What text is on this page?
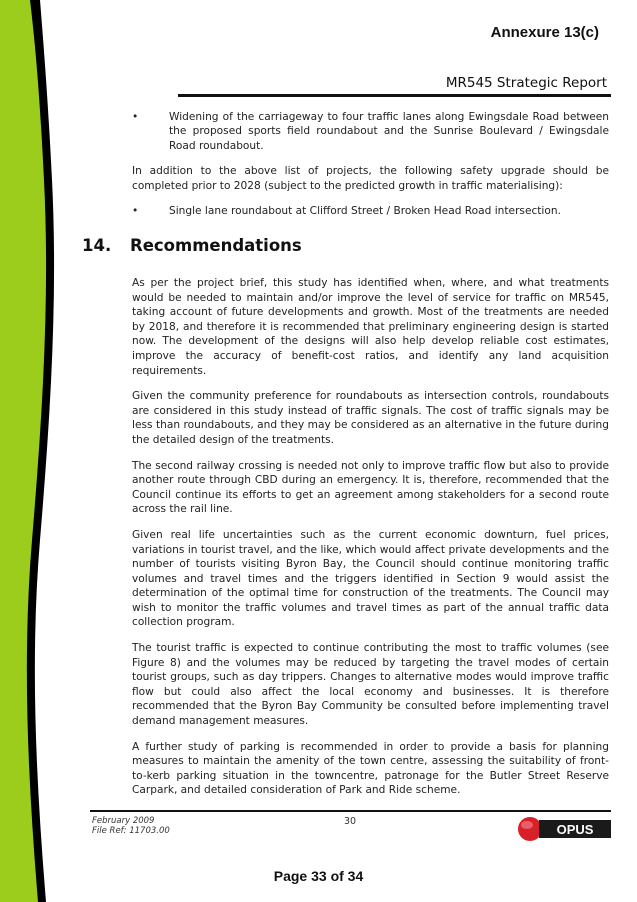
Annexure 13(c)
MR545 Strategic Report
•	Widening of the carriageway to four traffic lanes along Ewingsdale Road between the proposed sports field roundabout and the Sunrise Boulevard / Ewingsdale Road roundabout.

In addition to the above list of projects, the following safety upgrade should be completed prior to 2028 (subject to the predicted growth in traffic materialising):

•	Single lane roundabout at Clifford Street / Broken Head Road intersection.
14. Recommendations

As per the project brief, this study has identified when, where, and what treatments would be needed to maintain and/or improve the level of service for traffic on MR545, taking account of future developments and growth. Most of the treatments are needed by 2018, and therefore it is recommended that preliminary engineering design is started now. The development of the designs will also help develop reliable cost estimates, improve the accuracy of benefit-cost ratios, and identify any land acquisition requirements.

Given the community preference for roundabouts as intersection controls, roundabouts are considered in this study instead of traffic signals. The cost of traffic signals may be less than roundabouts, and they may be considered as an alternative in the future during the detailed design of the treatments.

The second railway crossing is needed not only to improve traffic flow but also to provide another route through CBD during an emergency. It is, therefore, recommended that the Council continue its efforts to get an agreement among stakeholders for a second route across the rail line.

Given real life uncertainties such as the current economic downturn, fuel prices, variations in tourist travel, and the like, which would affect private developments and the number of tourists visiting Byron Bay, the Council should continue monitoring traffic volumes and travel times and the triggers identified in Section 9 would assist the determination of the optimal time for construction of the treatments. The Council may wish to monitor the traffic volumes and travel times as part of the annual traffic data collection program.

The tourist traffic is expected to continue contributing the most to traffic volumes (see Figure 8) and the volumes may be reduced by targeting the travel modes of certain tourist groups, such as day trippers. Changes to alternative modes would improve traffic flow but could also affect the local economy and businesses. It is therefore recommended that the Byron Bay Community be consulted before implementing travel demand management measures.

A further study of parking is recommended in order to provide a basis for planning measures to maintain the amenity of the town centre, assessing the suitability of front-to-kerb parking situation in the towncentre, patronage for the Butler Street Reserve Carpark, and detailed consideration of Park and Ride scheme.

February 2009
File Ref: 11703.00
30
OPUS
Page 33 of 34
